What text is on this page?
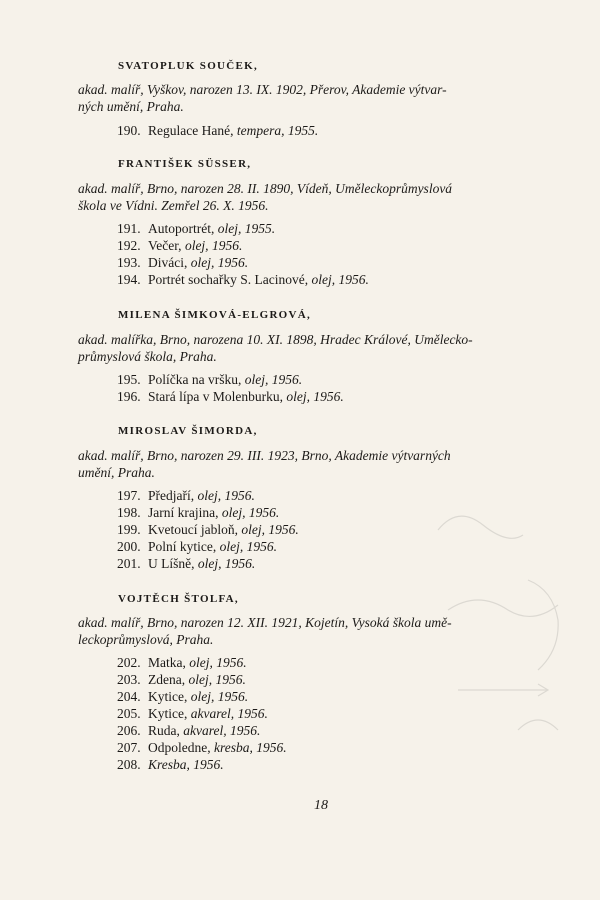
SVATOPLUK SOUČEK,
akad. malíř, Vyškov, narozen 13. IX. 1902, Přerov, Akademie výtvar-
ných umění, Praha.
190. Regulace Hané, tempera, 1955.
FRANTIŠEK SÜSSER,
akad. malíř, Brno, narozen 28. II. 1890, Vídeň, Uměleckoprůmyslová
škola ve Vídni. Zemřel 26. X. 1956.
191. Autoportrét, olej, 1955.
192. Večer, olej, 1956.
193. Diváci, olej, 1956.
194. Portrét sochařky S. Lacinové, olej, 1956.
MILENA ŠIMKOVÁ-ELGROVÁ,
akad. malířka, Brno, narozena 10. XI. 1898, Hradec Králové, Umělecko-
průmyslová škola, Praha.
195. Políčka na vršku, olej, 1956.
196. Stará lípa v Molenburku, olej, 1956.
MIROSLAV ŠIMORDA,
akad. malíř, Brno, narozen 29. III. 1923, Brno, Akademie výtvarných
umění, Praha.
197. Předjaří, olej, 1956.
198. Jarní krajina, olej, 1956.
199. Kvetoucí jabloň, olej, 1956.
200. Polní kytice, olej, 1956.
201. U Líšně, olej, 1956.
VOJTĚCH ŠTOLFA,
akad. malíř, Brno, narozen 12. XII. 1921, Kojetín, Vysoká škola umě-
leckoprůmyslová, Praha.
202. Matka, olej, 1956.
203. Zdena, olej, 1956.
204. Kytice, olej, 1956.
205. Kytice, akvarel, 1956.
206. Ruda, akvarel, 1956.
207. Odpoledne, kresba, 1956.
208. Kresba, 1956.
18
